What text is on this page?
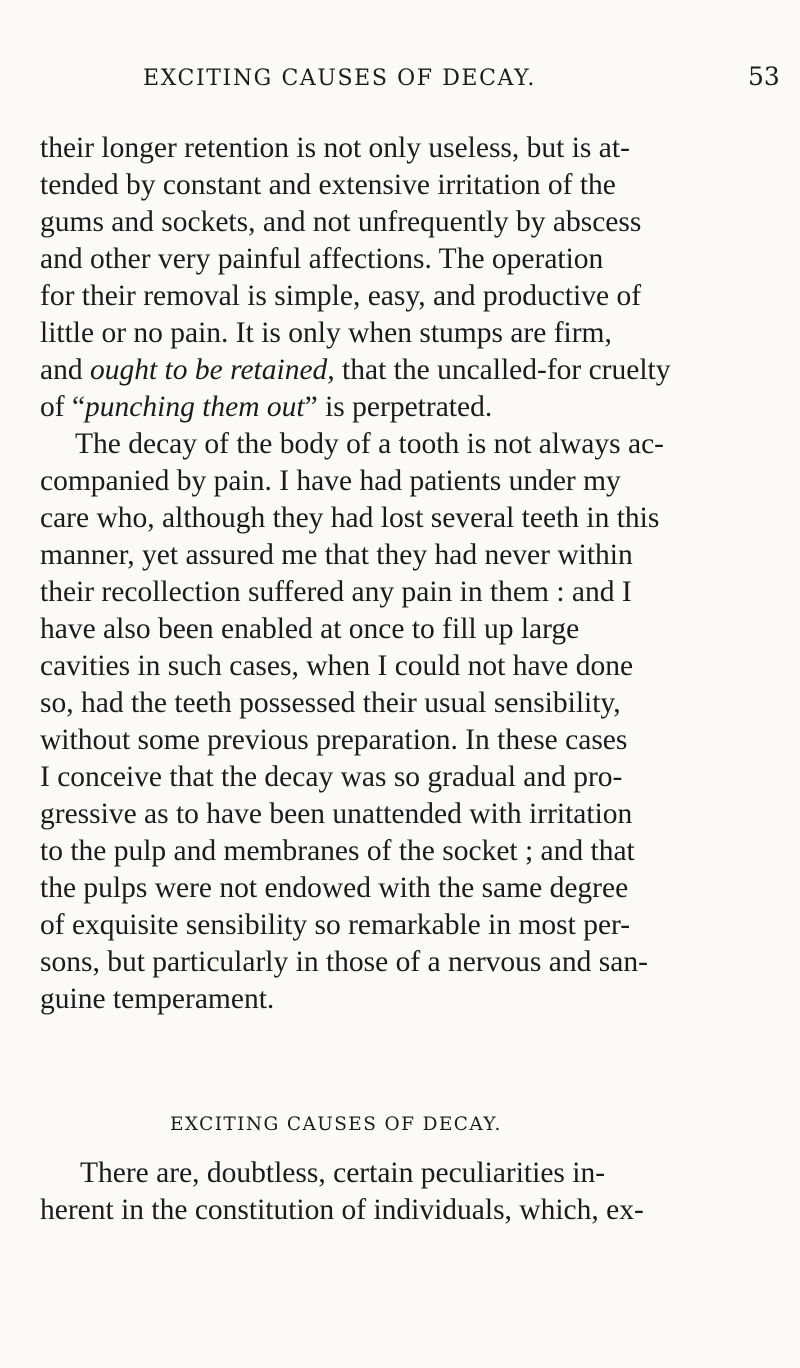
EXCITING CAUSES OF DECAY.	53
their longer retention is not only useless, but is at-
tended by constant and extensive irritation of the
gums and sockets, and not unfrequently by abscess
and other very painful affections. The operation
for their removal is simple, easy, and productive of
little or no pain. It is only when stumps are firm,
and ought to be retained, that the uncalled-for cruelty
of “punching them out” is perpetrated.
The decay of the body of a tooth is not always ac-
companied by pain. I have had patients under my
care who, although they had lost several teeth in this
manner, yet assured me that they had never within
their recollection suffered any pain in them : and I
have also been enabled at once to fill up large
cavities in such cases, when I could not have done
so, had the teeth possessed their usual sensibility,
without some previous preparation. In these cases
I conceive that the decay was so gradual and pro-
gressive as to have been unattended with irritation
to the pulp and membranes of the socket ; and that
the pulps were not endowed with the same degree
of exquisite sensibility so remarkable in most per-
sons, but particularly in those of a nervous and san-
guine temperament.
EXCITING CAUSES OF DECAY.
There are, doubtless, certain peculiarities in-
herent in the constitution of individuals, which, ex-
